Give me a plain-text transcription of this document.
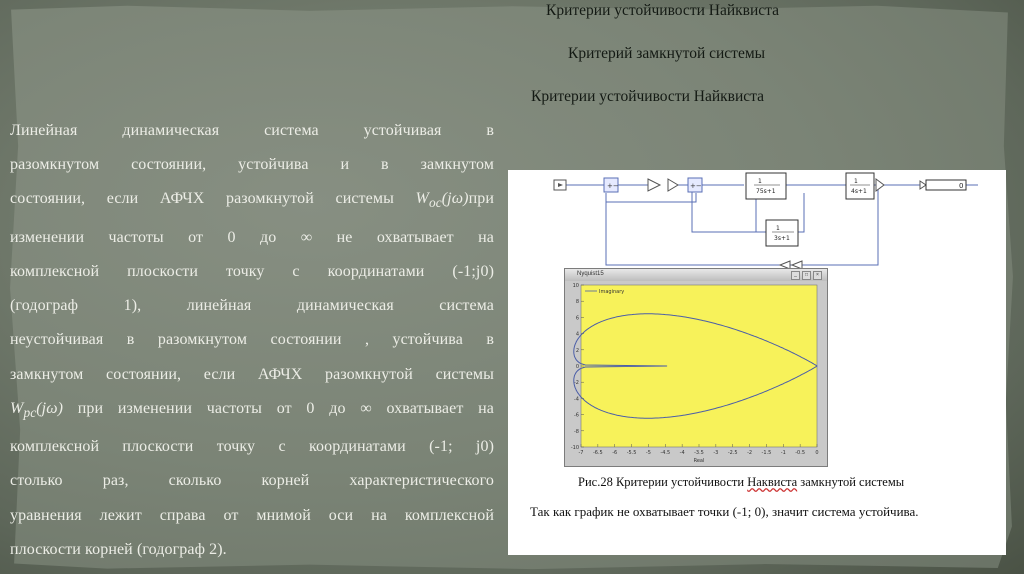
Критерии устойчивости Найквиста
Критерий замкнутой системы
Критерии устойчивости Найквиста
Линейная динамическая система устойчивая в
разомкнутом состоянии, устойчива и в замкнутом
состоянии, если АФЧХ разомкнутой системы $W_{ос}(j\omega)при$
изменении частоты от 0 до ∞ не охватывает на
комплексной плоскости точку с координатами (-1;j0)
(годограф 1), линейная динамическая система
неустойчивая в разомкнутом состоянии , устойчива в
замкнутом состоянии, если АФЧХ разомкнутой системы
$W_{pc}(j\omega)$ при изменении частоты от 0 до ∞ охватывает на
комплексной плоскости точку с координатами (-1; j0)
столько раз, сколько корней характеристического
уравнения лежит справа от мнимой оси на комплексной
плоскости корней (годограф 2).
+−	+−
1
75s+1
1
3s+1
1
4s+1
0
Nyquist15	_	□	×
10
8
6
4
2
0
-2
-4
-6
-8
-10
-7 -6.5 -6 -5.5 -5 -4.5 -4 -3.5 -3 -2.5 -2 -1.5 -1 -0.5 0
Real
Imaginary
Рис.28 Критерии устойчивости Наквиста замкнутой системы
Так как график не охватывает точки (-1; 0), значит система устойчива.
